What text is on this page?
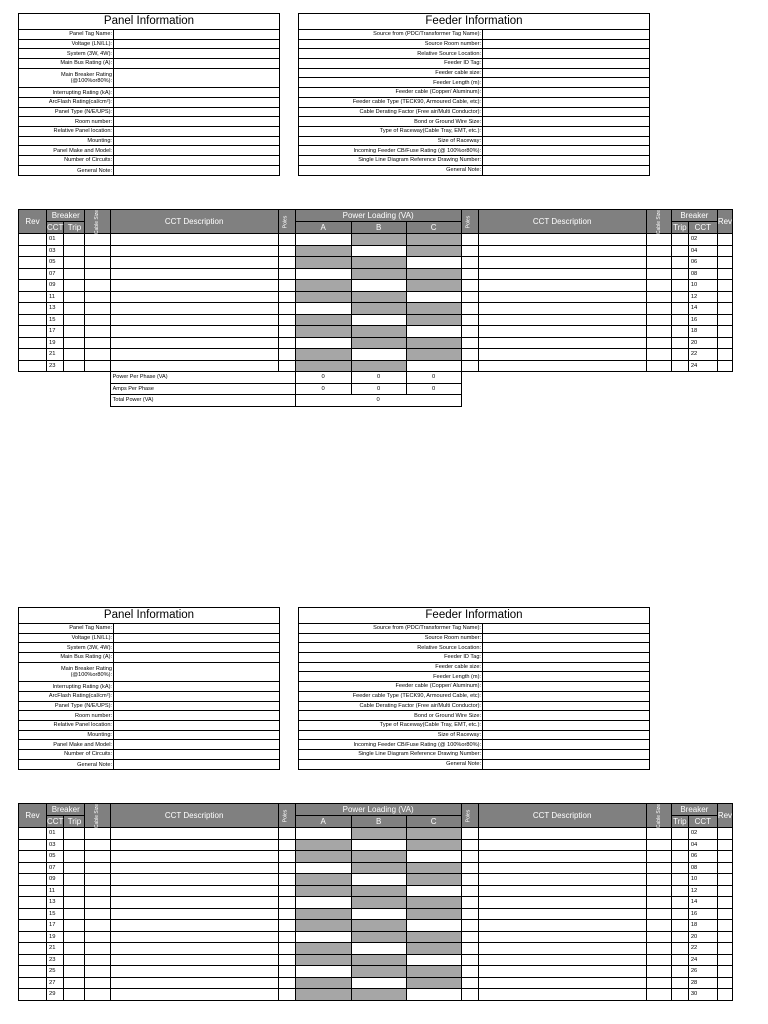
Panel Information
Panel Tag Name:
Voltage (LN/LL):
System (3W, 4W):
Main Bus Rating (A):
Main Breaker Rating (@100%or80%):
Interrupting Rating (kA):
ArcFlash Rating(cal/cm²):
Panel Type (N/E/UPS):
Room number:
Relative Panel location:
Mounting:
Panel Make and Model:
Number of Circuits:
General Note:
Feeder Information
Source from (PDC/Transformer Tag Name):
Source Room number:
Relative Source Location:
Feeder ID Tag:
Feeder cable size:
Feeder Length (m):
Feeder cable (Copper/ Aluminum):
Feeder cable Type (TECK90, Armoured Cable, etc):
Cable Derating Factor (Free air/Multi Conductor):
Bond or Ground Wire Size:
Type of Raceway(Cable Tray, EMT, etc.):
Size of Raceway:
Incoming Feeder CB/Fuse Rating (@ 100%or80%):
Single Line Diagram Reference Drawing Number:
General Note:
Rev	Breaker		Cable Size	CCT Description	Poles	Power Loading (VA)			Poles	CCT Description	Cable Size	Breaker		Rev
	CCT	Trip				A	B	C				Trip	CCT	
	01												02	
	03												04	
	05												06	
	07												08	
	09												10	
	11												12	
	13												14	
	15												16	
	17												18	
	19												20	
	21												22	
	23												24	
				Power Per Phase (VA)		0	0	0						
				Amps Per Phase		0	0	0						
				Total Power (VA)		0								
Panel Information
Panel Tag Name:
Voltage (LN/LL):
System (3W, 4W):
Main Bus Rating (A):
Main Breaker Rating (@100%or80%):
Interrupting Rating (kA):
ArcFlash Rating(cal/cm²):
Panel Type (N/E/UPS):
Room number:
Relative Panel location:
Mounting:
Panel Make and Model:
Number of Circuits:
General Note:
Feeder Information
Source from (PDC/Transformer Tag Name):
Source Room number:
Relative Source Location:
Feeder ID Tag:
Feeder cable size:
Feeder Length (m):
Feeder cable (Copper/ Aluminum):
Feeder cable Type (TECK90, Armoured Cable, etc):
Cable Derating Factor (Free air/Multi Conductor):
Bond or Ground Wire Size:
Type of Raceway(Cable Tray, EMT, etc.):
Size of Raceway:
Incoming Feeder CB/Fuse Rating (@ 100%or80%):
Single Line Diagram Reference Drawing Number:
General Note:
Rev	Breaker		Cable Size	CCT Description	Poles	Power Loading (VA)			Poles	CCT Description	Cable Size	Breaker		Rev
	CCT	Trip				A	B	C				Trip	CCT	
	01												02	
	03												04	
	05												06	
	07												08	
	09												10	
	11												12	
	13												14	
	15												16	
	17												18	
	19												20	
	21												22	
	23												24	
	25												26	
	27												28	
	29												30	
